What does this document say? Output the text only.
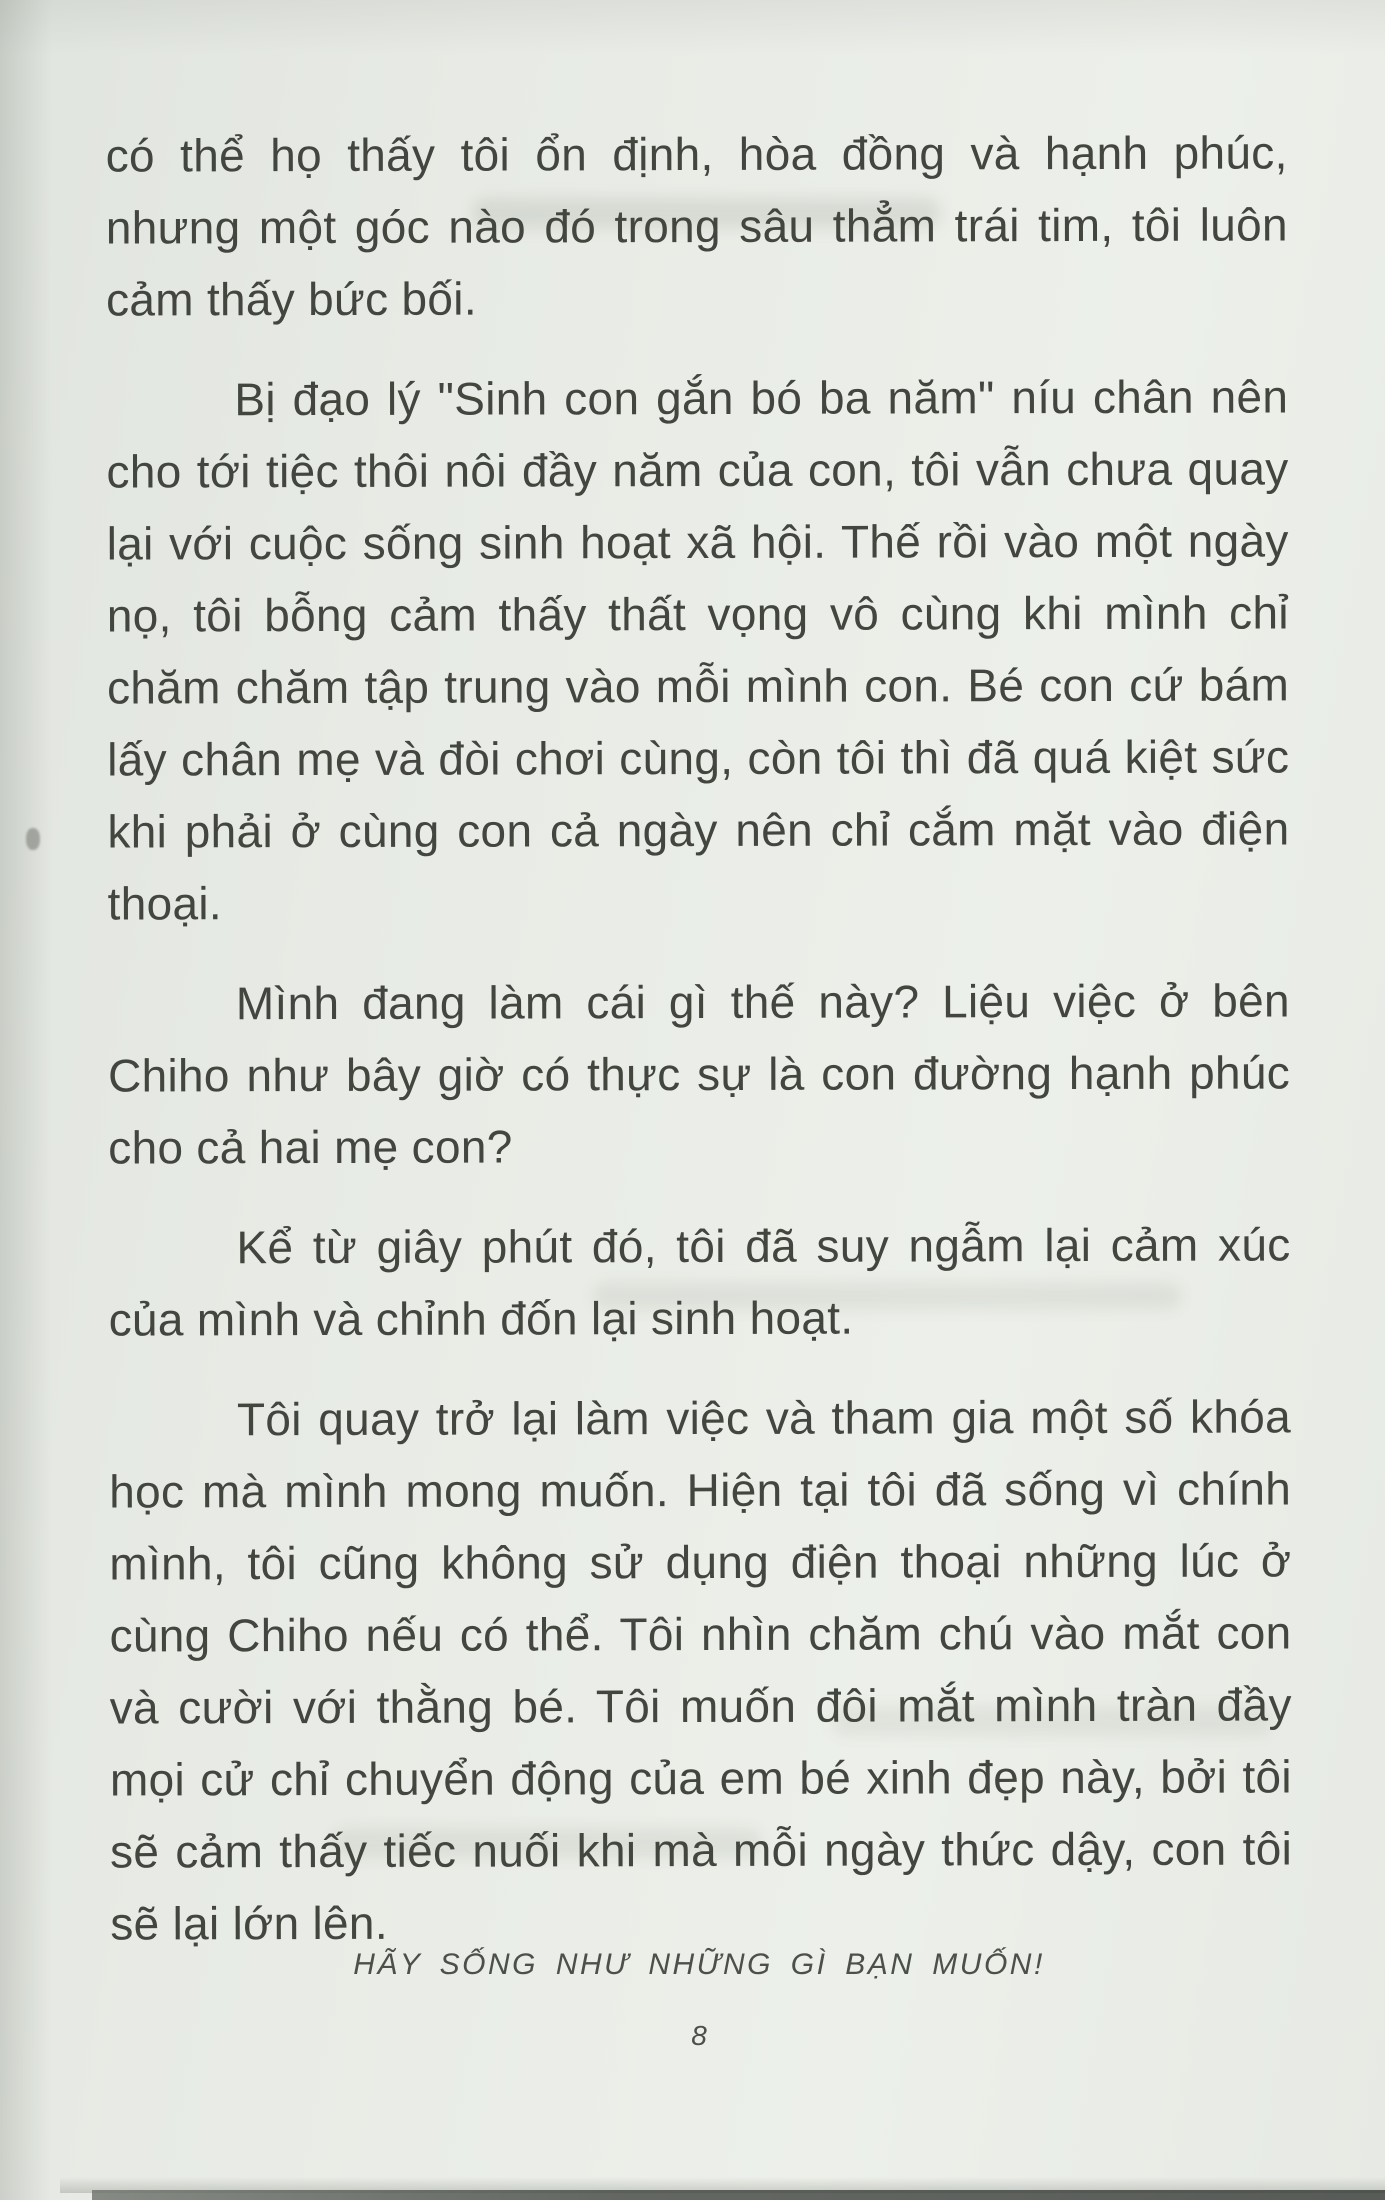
có thể họ thấy tôi ổn định, hòa đồng và hạnh phúc, nhưng một góc nào đó trong sâu thẳm trái tim, tôi luôn cảm thấy bức bối.

Bị đạo lý "Sinh con gắn bó ba năm" níu chân nên cho tới tiệc thôi nôi đầy năm của con, tôi vẫn chưa quay lại với cuộc sống sinh hoạt xã hội. Thế rồi vào một ngày nọ, tôi bỗng cảm thấy thất vọng vô cùng khi mình chỉ chăm chăm tập trung vào mỗi mình con. Bé con cứ bám lấy chân mẹ và đòi chơi cùng, còn tôi thì đã quá kiệt sức khi phải ở cùng con cả ngày nên chỉ cắm mặt vào điện thoại.

Mình đang làm cái gì thế này? Liệu việc ở bên Chiho như bây giờ có thực sự là con đường hạnh phúc cho cả hai mẹ con?

Kể từ giây phút đó, tôi đã suy ngẫm lại cảm xúc của mình và chỉnh đốn lại sinh hoạt.

Tôi quay trở lại làm việc và tham gia một số khóa học mà mình mong muốn. Hiện tại tôi đã sống vì chính mình, tôi cũng không sử dụng điện thoại những lúc ở cùng Chiho nếu có thể. Tôi nhìn chăm chú vào mắt con và cười với thằng bé. Tôi muốn đôi mắt mình tràn đầy mọi cử chỉ chuyển động của em bé xinh đẹp này, bởi tôi sẽ cảm thấy tiếc nuối khi mà mỗi ngày thức dậy, con tôi sẽ lại lớn lên.

HÃY SỐNG NHƯ NHỮNG GÌ BẠN MUỐN!
8
